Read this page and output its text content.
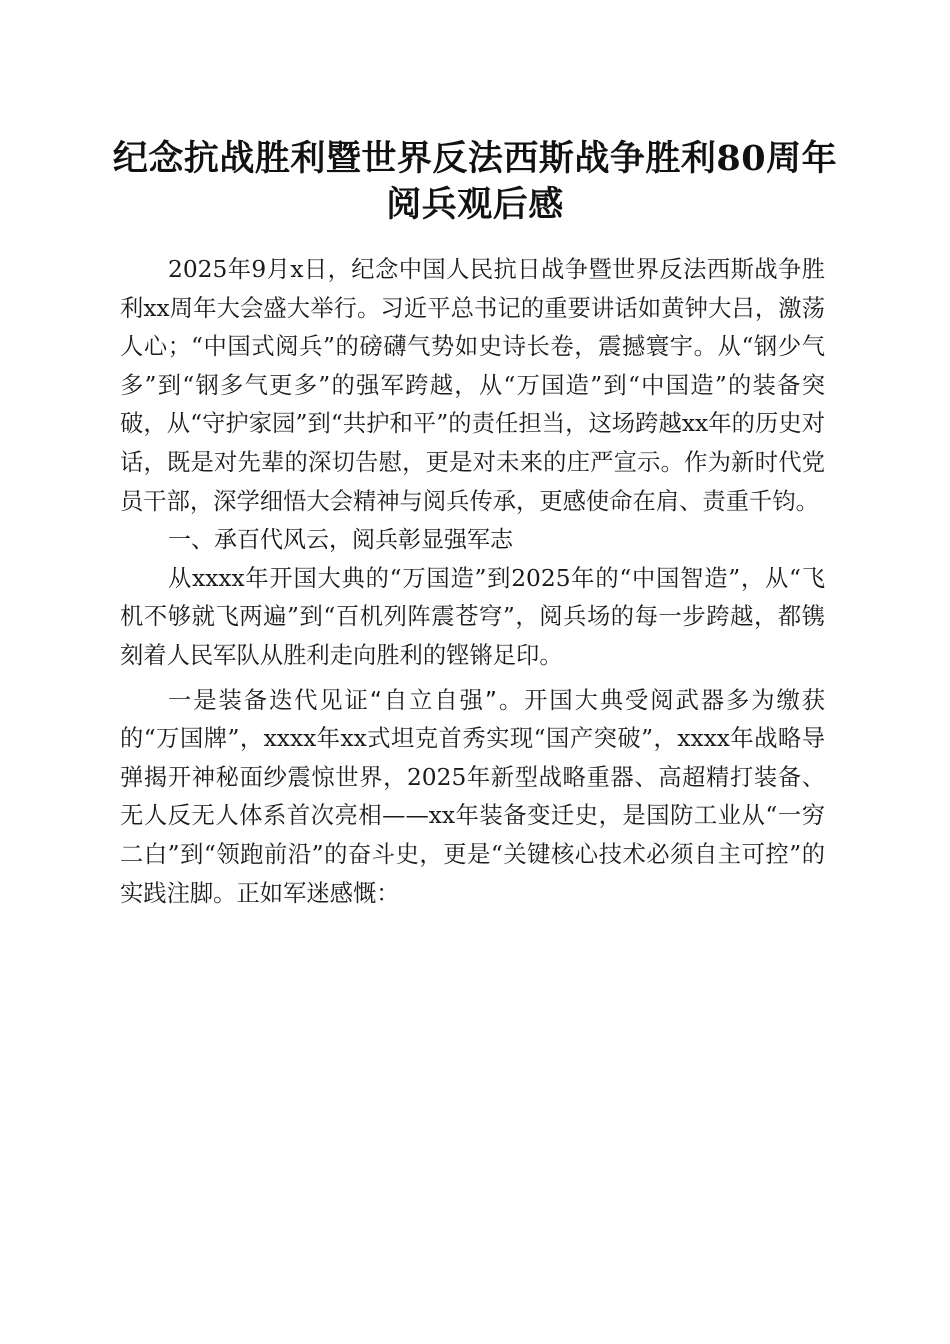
纪念抗战胜利暨世界反法西斯战争胜利80周年阅兵观后感

2025年9月x日，纪念中国人民抗日战争暨世界反法西斯战争胜利xx周年大会盛大举行。习近平总书记的重要讲话如黄钟大吕，激荡人心；“中国式阅兵”的磅礴气势如史诗长卷，震撼寰宇。从“钢少气多”到“钢多气更多”的强军跨越，从“万国造”到“中国造”的装备突破，从“守护家园”到“共护和平”的责任担当，这场跨越xx年的历史对话，既是对先辈的深切告慰，更是对未来的庄严宣示。作为新时代党员干部，深学细悟大会精神与阅兵传承，更感使命在肩、责重千钧。

一、承百代风云，阅兵彰显强军志

从xxxx年开国大典的“万国造”到2025年的“中国智造”，从“飞机不够就飞两遍”到“百机列阵震苍穹”，阅兵场的每一步跨越，都镌刻着人民军队从胜利走向胜利的铿锵足印。

一是装备迭代见证“自立自强”。开国大典受阅武器多为缴获的“万国牌”，xxxx年xx式坦克首秀实现“国产突破”，xxxx年战略导弹揭开神秘面纱震惊世界，2025年新型战略重器、高超精打装备、无人反无人体系首次亮相——xx年装备变迁史，是国防工业从“一穷二白”到“领跑前沿”的奋斗史，更是“关键核心技术必须自主可控”的实践注脚。正如军迷感慨：
